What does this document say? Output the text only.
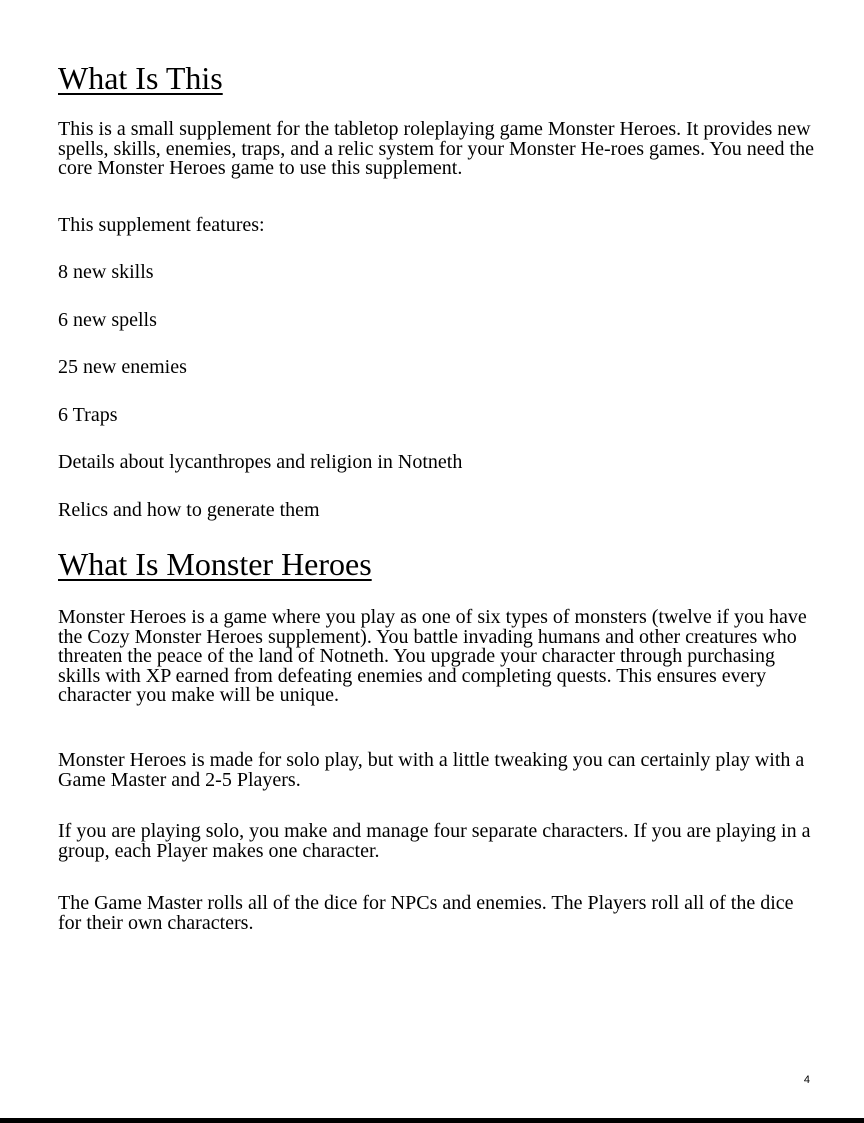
What Is This

This is a small supplement for the tabletop roleplaying game Monster Heroes. It provides new spells, skills, enemies, traps, and a relic system for your Monster He-roes games. You need the core Monster Heroes game to use this supplement.

This supplement features:

8 new skills
6 new spells
25 new enemies
6 Traps
Details about lycanthropes and religion in Notneth
Relics and how to generate them
What Is Monster Heroes

Monster Heroes is a game where you play as one of six types of monsters (twelve if you have the Cozy Monster Heroes supplement). You battle invading humans and other creatures who threaten the peace of the land of Notneth. You upgrade your character through purchasing skills with XP earned from defeating enemies and completing quests. This ensures every character you make will be unique.

Monster Heroes is made for solo play, but with a little tweaking you can certainly play with a Game Master and 2-5 Players.

If you are playing solo, you make and manage four separate characters. If you are playing in a group, each Player makes one character.

The Game Master rolls all of the dice for NPCs and enemies. The Players roll all of the dice for their own characters.

4
